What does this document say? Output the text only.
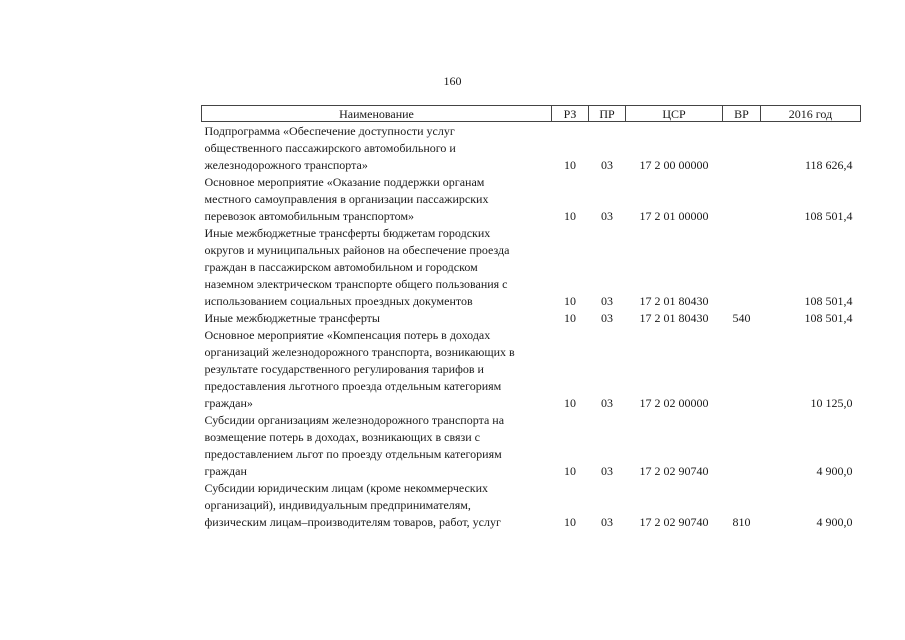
160
Наименование	РЗ	ПР	ЦСР	ВР	2016 год

Подпрограмма «Обеспечение доступности услуг
общественного пассажирского автомобильного и
железнодорожного транспорта»	10	03	17 2 00 00000		118 626,4

Основное мероприятие «Оказание поддержки органам
местного самоуправления в организации пассажирских
перевозок автомобильным транспортом»	10	03	17 2 01 00000		108 501,4

Иные межбюджетные трансферты бюджетам городских
округов и муниципальных районов на обеспечение проезда
граждан в пассажирском автомобильном и городском
наземном электрическом транспорте общего пользования с
использованием социальных проездных документов	10	03	17 2 01 80430		108 501,4

Иные межбюджетные трансферты	10	03	17 2 01 80430	540	108 501,4

Основное мероприятие «Компенсация потерь в доходах
организаций железнодорожного транспорта, возникающих в
результате государственного регулирования тарифов и
предоставления льготного проезда отдельным категориям
граждан»	10	03	17 2 02 00000		10 125,0

Субсидии организациям железнодорожного транспорта на
возмещение потерь в доходах, возникающих в связи с
предоставлением льгот по проезду отдельным категориям
граждан	10	03	17 2 02 90740		4 900,0

Субсидии юридическим лицам (кроме некоммерческих
организаций), индивидуальным предпринимателям,
физическим лицам–производителям товаров, работ, услуг	10	03	17 2 02 90740	810	4 900,0
